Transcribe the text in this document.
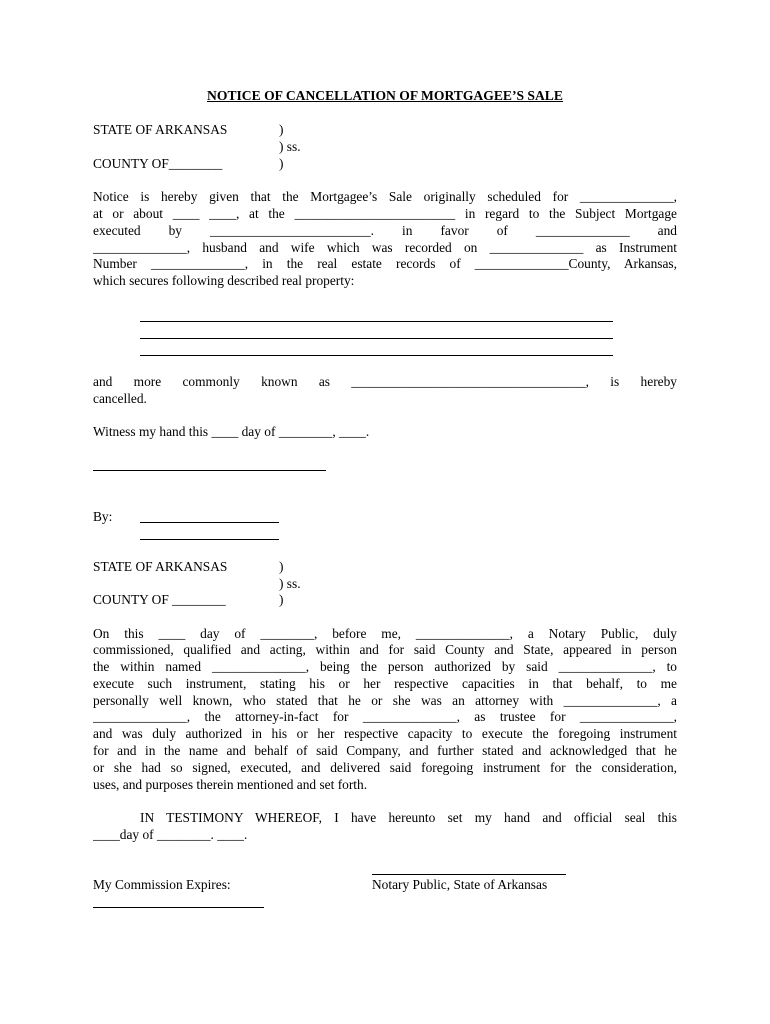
NOTICE OF CANCELLATION OF MORTGAGEE’S SALE
STATE OF ARKANSAS	)
) ss.
COUNTY OF________	)
Notice is hereby given that the Mortgagee’s Sale originally scheduled for ______________,
at or about ____ ____, at the ________________________ in regard to the Subject Mortgage
executed by ________________________. in favor of ______________ and
______________, husband and wife which was recorded on ______________ as Instrument
Number ______________, in the real estate records of ______________County, Arkansas,
which secures following described real property:
and more commonly known as ___________________________________, is hereby
cancelled.
Witness my hand this ____ day of ________, ____.
By:
STATE OF ARKANSAS	)
) ss.
COUNTY OF ________	)
On this ____ day of ________, before me, ______________, a Notary Public, duly
commissioned, qualified and acting, within and for said County and State, appeared in person
the within named ______________, being the person authorized by said ______________, to
execute such instrument, stating his or her respective capacities in that behalf, to me
personally well known, who stated that he or she was an attorney with ______________, a
______________, the attorney-in-fact for ______________, as trustee for ______________,
and was duly authorized in his or her respective capacity to execute the foregoing instrument
for and in the name and behalf of said Company, and further stated and acknowledged that he
or she had so signed, executed, and delivered said foregoing instrument for the consideration,
uses, and purposes therein mentioned and set forth.
IN TESTIMONY WHEREOF, I have hereunto set my hand and official seal this
____day of ________. ____.
My Commission Expires:	Notary Public, State of Arkansas
